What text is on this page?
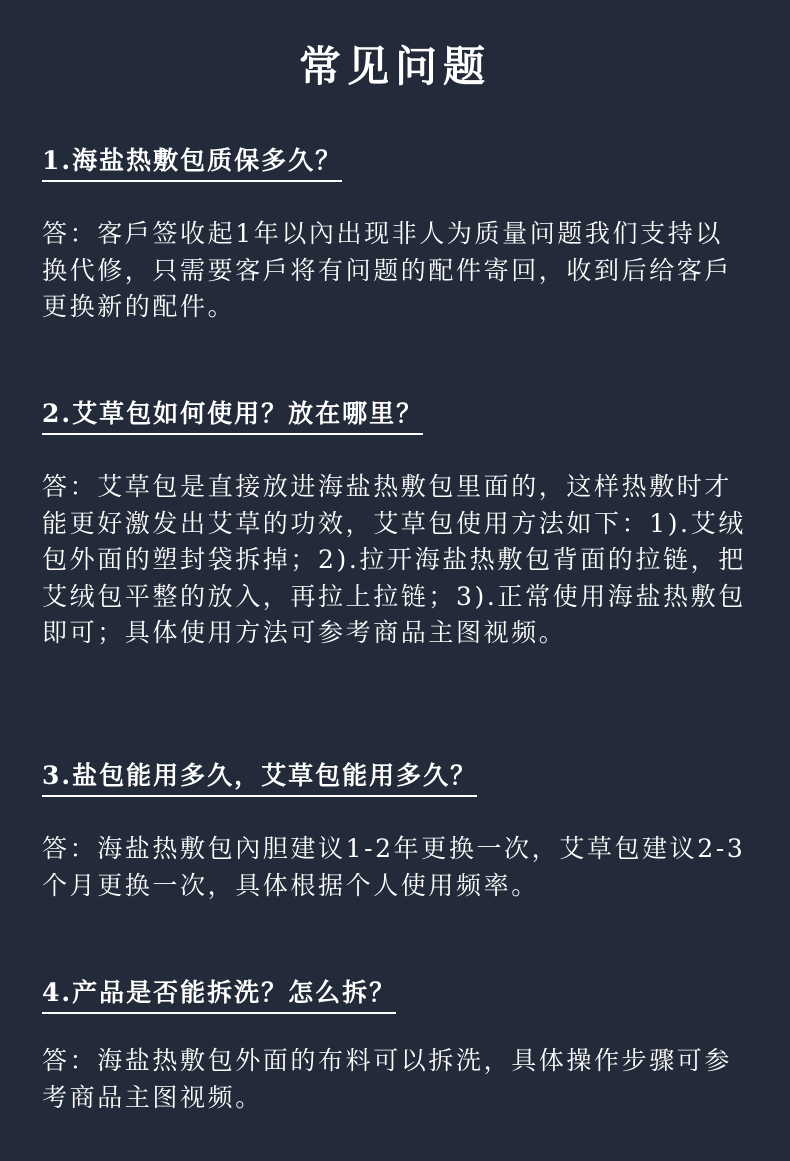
常见问题
1.海盐热敷包质保多久？

答：客戶签收起1年以內出现非人为质量问题我们支持以换代修，只需要客戶将有问题的配件寄回，收到后给客戶更换新的配件。

2.艾草包如何使用？放在哪里？

答：艾草包是直接放进海盐热敷包里面的，这样热敷时才能更好激发出艾草的功效，艾草包使用方法如下：1).艾绒包外面的塑封袋拆掉；2).拉开海盐热敷包背面的拉链，把艾绒包平整的放入，再拉上拉链；3).正常使用海盐热敷包即可；具体使用方法可参考商品主图视频。

3.盐包能用多久，艾草包能用多久？

答：海盐热敷包內胆建议1-2年更换一次，艾草包建议2-3个月更换一次，具体根据个人使用频率。

4.产品是否能拆洗？怎么拆？

答：海盐热敷包外面的布料可以拆洗，具体操作步骤可参考商品主图视频。
